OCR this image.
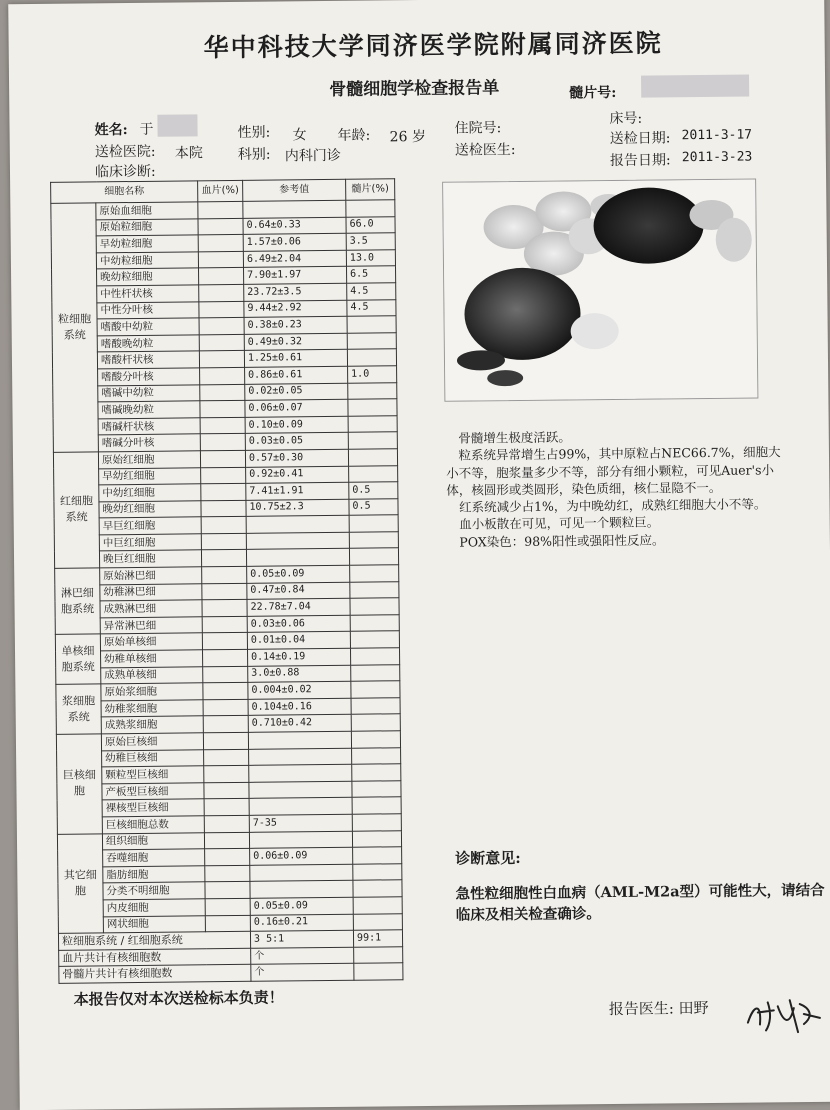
华中科技大学同济医学院附属同济医院
骨髓细胞学检查报告单	髓片号:
姓名: 于	性别: 女 年龄: 26 岁
住院号:
床号:
送检医院: 本院 科别: 内科门诊	送检医生:
送检日期: 2011-3-17
报告日期: 2011-3-23
临床诊断:
细胞名称		血片(%)	参考值	髓片(%)
粒细胞系统	原始血细胞			
	原始粒细胞		0.64±0.33	66.0
	早幼粒细胞		1.57±0.06	3.5
	中幼粒细胞		6.49±2.04	13.0
	晚幼粒细胞		7.90±1.97	6.5
	中性杆状核		23.72±3.5	4.5
	中性分叶核		9.44±2.92	4.5
	嗜酸中幼粒		0.38±0.23	
	嗜酸晚幼粒		0.49±0.32	
	嗜酸杆状核		1.25±0.61	
	嗜酸分叶核		0.86±0.61	1.0
	嗜碱中幼粒		0.02±0.05	
	嗜碱晚幼粒		0.06±0.07	
	嗜碱杆状核		0.10±0.09	
	嗜碱分叶核		0.03±0.05	
红细胞系统	原始红细胞		0.57±0.30	
	早幼红细胞		0.92±0.41	
	中幼红细胞		7.41±1.91	0.5
	晚幼红细胞		10.75±2.3	0.5
	早巨红细胞			
	中巨红细胞			
	晚巨红细胞			
淋巴细胞系统	原始淋巴细		0.05±0.09	
	幼稚淋巴细		0.47±0.84	
	成熟淋巴细		22.78±7.04	
	异常淋巴细		0.03±0.06	
单核细胞系统	原始单核细		0.01±0.04	
	幼稚单核细		0.14±0.19	
	成熟单核细		3.0±0.88	
浆细胞系统	原始浆细胞		0.004±0.02	
	幼稚浆细胞		0.104±0.16	
	成熟浆细胞		0.710±0.42	
巨核细胞	原始巨核细			
	幼稚巨核细			
	颗粒型巨核细			
	产板型巨核细			
	裸核型巨核细			
	巨核细胞总数		7-35	
其它细胞	组织细胞			
	吞噬细胞		0.06±0.09	
	脂肪细胞			
	分类不明细胞			
	内皮细胞		0.05±0.09	
	网状细胞		0.16±0.21	
粒细胞系统 / 红细胞系统			3 5:1	99:1
血片共计有核细胞数			个	
骨髓片共计有核细胞数			个	

骨髓增生极度活跃。

粒系统异常增生占99%，其中原粒占NEC66.7%，细胞大小不等，胞浆量多少不等，部分有细小颗粒，可见Auer's小体，核圆形或类圆形，染色质细，核仁显隐不一。

红系统减少占1%，为中晚幼红，成熟红细胞大小不等。

血小板散在可见，可见一个颗粒巨。

POX染色：98%阳性或强阳性反应。

诊断意见:
急性粒细胞性白血病（AML-M2a型）可能性大，请结合临床及相关检查确诊。
本报告仅对本次送检标本负责！
报告医生: 田野
